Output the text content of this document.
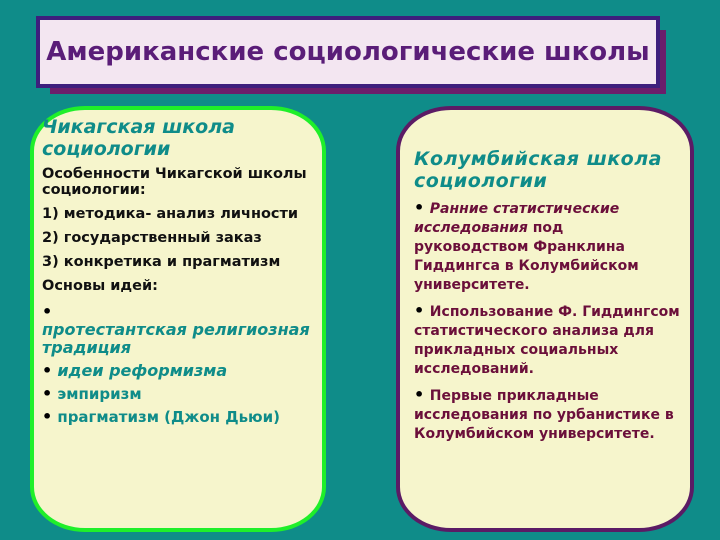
Американские социологические школы
Чикагская школа социологии

Особенности Чикагской школы социологии:

1) методика- анализ личности

2) государственный заказ

3) конкретика и прагматизм

Основы идей:

•
протестантская религиозная традиция
• идеи реформизма
• эмпиризм
• прагматизм (Джон Дьюи)
Колумбийская школа социологии

• Ранние статистические исследования под руководством Франклина Гиддингса в Колумбийском университете.

• Использование Ф. Гиддингсом статистического анализа для прикладных социальных исследований.

• Первые прикладные исследования по урбанистике в Колумбийском университете.
